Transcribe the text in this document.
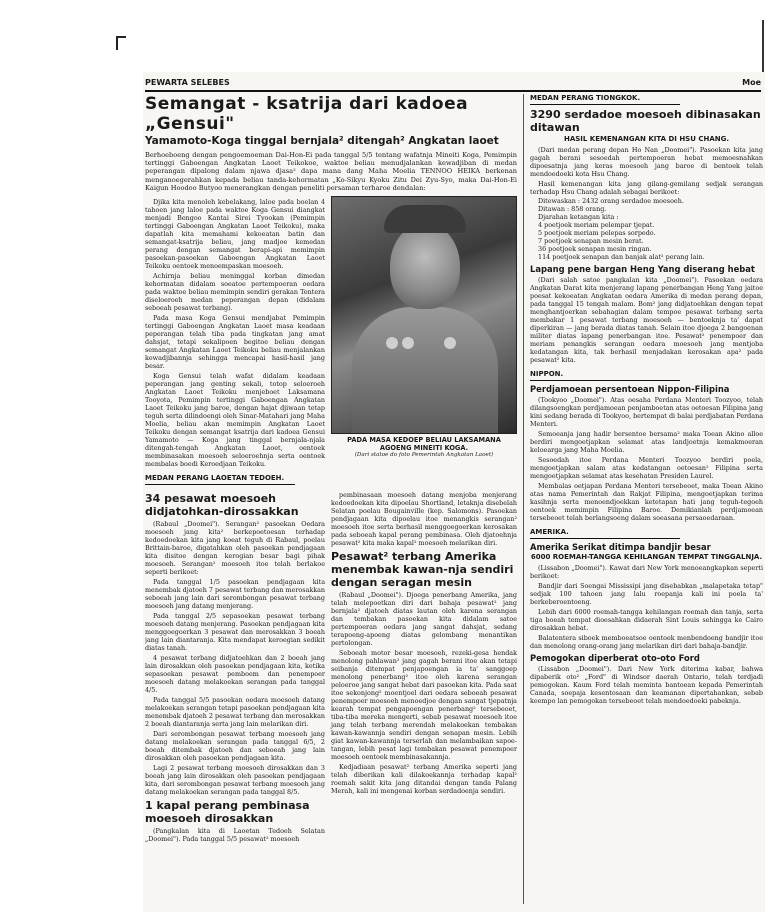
PEWARTA SELEBES	Moe
Semangat - ksatrija dari kadoea „Gensui"
Yamamoto-Koga tinggal bernjala² ditengah² Angkatan laoet
Berhoeboeng dengan pengoemoeman Dai-Hon-Ei pada tanggal 5/5 tentang wafatnja Mineiti Koga, Pemimpin tertinggi Gaboengan Angkatan Laoet Teikokoe, waktoe beliau menudjalankan kewadjiban di medan peperangan dipalong dalam njawa djasa² dapa mana dang Maha Moelia TENNOO HEIKA berkenan menganoegerahkan kepada beliau tanda-kehormatan „Ko-Sikyu Kyoku Zitu Dei Zyu-Syo, maka Dai-Hon-Ei Kaigun Hoodoo Butyoo menerangkan dengan peneliti persaman terharoe dendalan:
Djika kita menoleh kebelakang, laloe pada boelan 4 tahoen jang laloe pada waktoe Koga Gensui diangkat menjadi Bengoo Kantai Sirei Tyookan (Pemimpin tertinggi Gaboengan Angkatan Laoet Teikoku), maka dapatlah kita memahami kekoeatan batin dan semangat-ksatrija beliau, jang madjoe kemedan perang dengan semangat berapi-api memimpin pasoekan-pasoekan Gaboengan Angkatan Laoet Teikoku oentoek menoempaskan moesoeh.
Achirnja beliau meninggal korban dimedan kehormatan didalam soeatoe pertempoeran oedara pada waktoe beliau memimpin sendiri gerakan Tentera diseloeroeh medan peperangan depan (didalam seboeah pesawat terbang).
Pada masa Koga Gensui mendjabat Pemimpin tertinggi Gaboengan Angkatan Laoet masa keadaan peperangan telah tiba pada tingkatan jang amat dahsjat, tetapi sekalipoen begitoe beliau dengan semangat Angkatan Laoet Teikoku beliau menjalankan kewadjibannja sehingga mencapai hasil-hasil jang besar.
Koga Gensui telah wafat didalam keadaan peperangan jang genting sekali, totop seloeroeh Angkatan Laoet Teikoku menjeboet Laksamana Tooyota, Pemimpin tertinggi Gaboengan Angkatan Laoet Teikoku jang baroe, dengan hajat djiwaan tetap teguh serta dilindoengi oleh Sinar-Matahari jang Maha Moelia, beliau akan memimpin Angkatan Laoet Teikoku dengan semangat ksatrija dari kadoea Gensui Yamamoto — Koga jang tinggal bernjala-njala ditengah-tengah Angkatan Laoet, oentoek membinasakan moesoeh seloeroehnja serta oentoek membalas boedi Keroedjaan Teikoku.
PADA MASA KEDOEP BELIAU LAKSAMANA AGOENG MINEITI KOGA.
(Dari statoe do foto Pemerintah Angkatan Laoet)
MEDAN PERANG LAOETAN TEDOEH.
34 pesawat moesoeh didjatohkan-dirossakkan
(Rabaul „Doomei"). Serangan² pasoekan Oedara moesoeh jang kita² berkepoetoesan terhadap kedoedoekan kita jang koeat teguh di Rabaul, poelau Brittain-baroe, digatahkan oleh pasoekan pendjagaan kita disitoe dengan kerogian besar bagi pihak moesoeh. Serangan² moesoeh itoe telah berlakoe seperti berikoet:
Pada tanggal 1/5 pasoekan pendjagaan kita menembak djatoeh 7 pesawat terbang dan merosakkan seboeah jang lain dari serombongan pesawat terbang moesoeh jang datang menjerang.
Pada tanggal 2/5 sepasoekan pesawat terbang moesoeh datang menjerang. Pasoekan pendjagaan kita menggoegoerkan 3 pesawat dan merosakkan 3 boeah jang lain diantaranja. Kita mendapat keroegian sedikit diatas tanah.
4 pesawat terbang didjatoehkan dan 2 boeah jang lain dirosakkan oleh pasoekan pendjagaan kita, ketika sepasoekan pesawat pemboem dan penempoer moesoeh datang melakoekan serangan pada tanggal 4/5.
Pada tanggal 5/5 pasoekan oedara moesoeh datang melakoekan serangan tetapi pasoekan pendjagaan kita menembak djatoeh 2 pesawat terbang dan merosakkan 2 boeah diantaranja serta jang lain melarikan diri.
Dari serombongan pesawat terbang moesoeh jang datang melakoekan serangan pada tanggal 6/5, 2 boeah ditembak djatoeh dan seboeah jang lain dirosakkan oleh pasoekan pendjagaan kita.
Lagi 2 pesawat terbang moesoeh dirosakkan dan 3 boeah jang lain dirosakkan oleh pasoekan pendjagaan kita, dari serombongan pesawat terbang moesoeh jang datang melakoekan serangan pada tanggal 8/5.
1 kapal perang pembinasa moesoeh dirosakkan
(Pangkalan kita di Laoetan Tedoeh Selatan „Doomei"). Pada tanggal 5/5 pesawat² moesoeh
pembinasaan moesoeh datang menjoba menjerang kedoedoekan kita dipoelau Shortland, letaknja disebelah Selatan poelau Bougainville (kep. Salomons). Pasoekan pendjagaan kita dipoelau itoe menangkis serangan² moesoeh itoe serta berhasil menggoegoerkan kerosakan pada seboeah kapal perang pembinasa. Oleh djatoehnja pesawat² kita maka kapal² moesoeh melarikan diri.
Pesawat² terbang Amerika menembak kawan-nja sendiri dengan seragan mesin
(Rabaul „Doomei"). Djoega penerbang Amerika, jang telah melepoetkan diri dari bahaja pesawat² jang bernjala² djatoeh diatas lautan oleh karena serangan dan tembakan pasoekan kita didalam satoe pertempoeran oedara jang sangat dahsjat, sedang terapoeng-apoeng diatas gelombang menantikan pertolongan.
Seboeah motor besar moesoeh, rezeki-gesa hendak menolong pahlawan² jang gagah berani itoe akan tetapi seibanja ditempat penjapoengan ia ta' sanggoep menolong penerbang² itoe oleh karena serangan peloeroe jang sangat hebat dari pasoekan kita. Pada saat itoe sekonjong² moentjoel dari oedara seboeah pesawat penempoer moesoeh menoedjoe dengan sangat tjepatnja kearah tempat pengapoengan penerbang² tersebeoet, tiba-tiba mereka mengerti, sebab pesawat moesoeh itoe jang telah terbang merendah melakoekan tembakan kawan-kawannja sendiri dengan senapan mesin. Lebih giat kawan-kawannja terserlah dan melambaikan sapoe-tangan, lebih pesat lagi tembakan pesawat penempoer moesoeh oentoek membinasakannja.
Kedjadiaan pesawat² terbang Amerika seperti jang telah diberikan kali dilakoekannja terhadap kapal² roemah sakit kita jang ditandai dengan tanda Palang Merah, kali ini mengenai korban serdadoenja sendiri.
MEDAN PERANG TIONGKOK.
3290 serdadoe moesoeh dibinasakan ditawan
HASIL KEMENANGAN KITA DI HSU CHANG.
(Dari medan perang depan Ho Nan „Doomei"). Pasoekan kita jang gagah berani sesoedah pertempoeran hebat memoesnahkan dipoesatnja jang keras moesoeh jang baroe di bentoek telah mendoedoeki kota Hsu Chang.
Hasil kemenangan kita jang gilang-gemilang sedjak serangan terhadap Hsu Chang adalah sebagai berikoet:
Ditewaskan : 2432 orang serdadoe moesoeh.
Ditawan : 858 orang.
Djarahan ketangan kita :
4 poetjoek meriam pelempar tjepat.
5 poetjoek meriam pelepas sorpedo.
7 poetjoek senapan mesin berat.
36 poetjoek senapan mesin ringan.
114 poetjoek senapan dan banjak alat² perang lain.
Lapang pene bargan Heng Yang diserang hebat
(Dari salah satoe pangkalan kita „Doomei"). Pasoekan oedara Angkatan Darat kita menjerang lapang penerbangan Heng Yang jaitoe poesat kekoeatan Angkatan oedara Amerika di medan perang depan, pada tanggal 15 tengah malam. Bom² jang didjatoehkan dengan tepat menghantjoerkan sebahagian dalam tempoe pesawat terbang serta membakar 1 pesawat terbang moesoeh — bentoeknja ta' dapat diperkiran — jang berada diatas tanah. Selain itoe djoega 2 bangoenan militer diatas lapang penerbangan itoe. Pesawat² penempoer dan meriam penangkis serangan oedara moesoeh jang mentjoba kedatangan kita, tak berhasil menjadakan kerosakan apa² pada pesawat² kita.
NIPPON.
Perdjamoean persentoean Nippon-Filipina
(Tookyoo „Doomei"). Atas oesaha Perdana Menteri Toozyoo, telah dilangsoengkan perdjamoean penjamboetan atas oetoesan Filipina jang kini sedang berada di Tookyoo, bertempat di balai perdjabatan Perdana Menteri.
Semoeanja jang hadir bersentoe bersama² maka Toean Akino alloe berdiri mengoetjapkan selamat atas landjoetnja kemakmoeran keloearga jang Maha Moelia.
Sesoedah itoe Perdana Menteri Toozyoo berdiri poela, mengoetjapkan salam atas kedatangan oetoesan² Filipina serta mengoetjapkan selamat atas kesehatan Presiden Laurel.
Membalas oetjapan Perdana Menteri tersebeoet, maka Toean Akino atas nama Pemerintah dan Rakjat Filipina, mengoetjapkan terima kasihnja serta menoendjoekkan ketetapan hati jang teguh-tegoeh oentoek memimpin Filipina Baroe. Demikianlah perdjamoean tersebeoet telah berlangsoeng dalam soeasana persaoedaraan.
AMERIKA.
Amerika Serikat ditimpa bandjir besar
6000 ROEMAH-TANGGA KEHILANGAN TEMPAT TINGGALNJA.
(Lissabon „Doomei"). Kawat dari New York menoeangkapkan seperti berikoet:
Bandjir dari Soengai Mississipi jang disebabkan „malapetaka tetap" sedjak 100 tahoen jang lalu roepanja kali ini poela ta' berkeberoentoeng.
Lebih dari 6000 roemah-tangga kehilangan roemah dan tanja, serta tiga boeah tempat dioesahkan didaerah Sint Louis sehingga ke Cairo dirosakkan hebat.
Balatentera siboek memboeatsoe oentoek menbendoeng bandjir itoe dan menolong orang-orang jang melarikan diri dari bahaja-bandjir.
Pemogokan diperberat oto-oto Ford
(Lissabon „Doomei"). Dari New York diterima kabar, bahwa dipaberik oto² „Ford" di Windsor daerah Ontario, telah terdjadi pemogokan. Kaum Ford telah meminta bantoean kepada Pemerintah Canada, soepaja kesentosaan dan keamanan dipertahankan, sebab keempo lan pemogokan tersebeoet telah mendoedoeki pabeknja.
